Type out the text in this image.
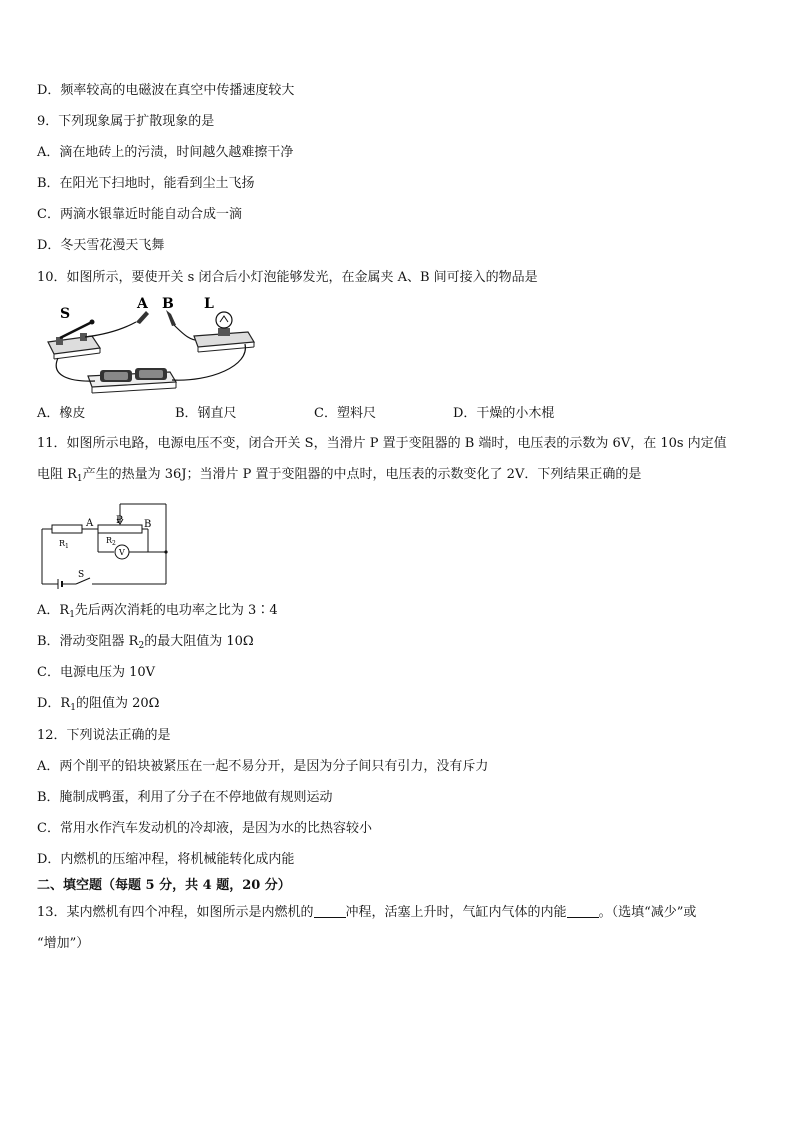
D．频率较高的电磁波在真空中传播速度较大
9．下列现象属于扩散现象的是
A．滴在地砖上的污渍，时间越久越难擦干净
B．在阳光下扫地时，能看到尘土飞扬
C．两滴水银靠近时能自动合成一滴
D．冬天雪花漫天飞舞
10．如图所示，要使开关 s 闭合后小灯泡能够发光，在金属夹 A、B 间可接入的物品是
S
A B L
A．橡皮	B．钢直尺	C．塑料尺	D．干燥的小木棍
11．如图所示电路，电源电压不变，闭合开关 S，当滑片 P 置于变阻器的 B 端时，电压表的示数为 6V，在 10s 内定值
电阻 $R_1$产生的热量为 36J；当滑片 P 置于变阻器的中点时，电压表的示数变化了 2V．下列结果正确的是
A P B
$R_1$
$R_2$
V
S
A．$R_1$先后两次消耗的电功率之比为 3∶4
B．滑动变阻器 $R_2$的最大阻值为 10Ω
C．电源电压为 10V
D．$R_1$的阻值为 20Ω
12．下列说法正确的是
A．两个削平的铅块被紧压在一起不易分开，是因为分子间只有引力，没有斥力
B．腌制成鸭蛋，利用了分子在不停地做有规则运动
C．常用水作汽车发动机的冷却液，是因为水的比热容较小
D．内燃机的压缩冲程，将机械能转化成内能
二、填空题（每题 5 分，共 4 题，20 分）
13．某内燃机有四个冲程，如图所示是内燃机的 冲程，活塞上升时，气缸内气体的内能 。（选填“减少”或
“增加”）
